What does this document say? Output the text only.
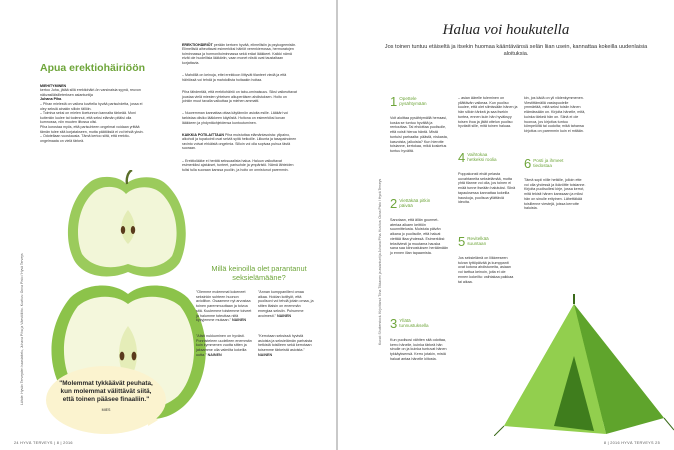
Apua erektiohäiriöön

MIEHITYMINEN
kertoo Juha, jätää sillä erektiohäiri-ön varsinaisia syynä, reuvon näkvasiläisilleterksen asiantuntija
Juhana Piha.

– Pihan mielestä on vaikea kuvitella hyvää parisuhdetta, jossa ei oley seksiä ainakin silloin tällöin.
– Toimiva seksi on mielen iloetunnon kannalta tärkeää. Moni kuitenkin luulee tai todennut, että seksi elämän pitäisi olla kumnossa, niin muuten iiitossa olisi.
Piha korostaa myös, että parisuhteen ongelmat voidaan yrittää tämän tulee sitä korjatakseen, mutta päätöksiä ei voi tehdä yksin.
– Odotellaan vuoskausia. Tämä kertoo siitä, että erektio-ongelmaata on vielä tärkeä.

EREKTIOHÄIRIÖT perään kertoen hyvää, elimellisiin ja psykogeenisiin. Elimellisiä aiheuttavat esimerkiksi häiriöt verenkierrossa, hermoratojen toiminnassa ja hormonitoiminnassa sekä eräat lääkkeet. Kaikki nämä eivät ole huolellisia lääkäriin, vaan monet niistä ovat taustaltaan korjattavia.

– Mahdillä on keinoja, ettei erektioon liittyvät tilanteet viedä ja että häiriössä voi tehdä ja mahdollista hoitaakin hoitaa.

Piha tähdentää, että erektiohäiriö on tabu-ominaisuus. Siksi vaikeuttavat joustaa vielä miesten yhteisen alkuperäisen ahdistuksen. Hoito on joinkin muut tavalla vaikuttaa ja miehen ammatti.

– Nuoremman kannattaa ottaa käytännön asioita esille. Lääkäri voi tarkistaa olisiko lääkkeen käytöstä. Hoitona on esimerkiksi kovan lääkkeen ja yhdyntäohjeidensa kuntoutuminen.

KAIKKIA POTILAITTAAN Piha muistuttaa elämäntavoista: ylipaino, alkoholi ja tupakointi ovat selviä syitä heikoille. Liikunta ja tasapainoinen ravinto voivat ehkäistä ongelmia. Silloin voi olla sopivaa puhua tästä suoraan.

– Erektiolääke ei herätä seksuaalista halua. Haluun vaikuttavat esimerkiksi ajatukset, tunteet, parisuhde ja ympäristö. Nämä lähteiden tulisi tulla suoraan kanssa puoliin, ja hoito on onnistunut paremmin.

Lähde: Hyvän Terveyden haastattelu, Juhana Piha ja Väestöliitto. Kuvitus: Oona Pisto / Hyvä Terveys	"Molemmat tykkäävät peuhata, kun molemmat välittävät siitä, että toinen pääsee finaaliin."
MIES
Millä keinoilla olet parantanut seksielämääne?
"Olemme molemmat kokeneet seksinkin suhteen huonon avioliiton. Osaamme nyt arvostaa toinen paremmuuttaan ja toivoa sitä. Kuulemme toistemme toiveet ja halumme toteuttaa niitä kykyjemme mukaan." NAINEN
"Annan kumppanilleni omaa aikaa. Hoidan kotityöt, että puolisoni voi tehdä jotain omaa, ja sitten iltaisin on enemmän energiaa seksiin. Puhumme avoimesti." NAINEN
"Alisti nukkuminen on hyvästi. Ponnisteleen uudelleen enemmän kuin kymmenen vuotta sitten ja jaksamme olla valmiita kokeilla uutta." NAINEN
"Kerrotaan seksissä hyvistä asioista ja seksielämän parhaista hetkistä toisilleen sekä kerrotaan toisemme tärkeistä asioista." NAINEN
24 HYVÄ TERVEYS | 8 | 2016
Halua voi houkutella
Jos toinen tuntuu etäiseltä ja itsekin huomaa kääntävänsä selän liian usein, kannattaa kokeilla uudenlaisia aloituksia.
Kuvat: Shutterstock. Kirjoittanut Tiina Tikkanen ja asiantuntija Juhana Piha. Kuvitus: Oona Pisto / Hyvä Terveys
1 Opettele pysähtymään
Voit aloittaa pysähtymällä herraasi, koska se tuntuu hyvältä ja rentouttaa. Tai ehdottaa puolisolle, että voisit hieroa häntä. Mistä tuntuisi parhaalta: päästä, niskasta, kasvoista, jalkoista? Kun hierotte toisianne, kertokaa, mikä kosketus tuntuu hyvältä.
2 Viettäkää pitkin päivää
Sanotaan, että ällän gourmet-ateriaa alkaen keittiön suunnittelusta. Muistuta päivän aikana jo puolisolle, että haluat viettää iltaa yhdessä. Esimerkiksi: tekstiviesti ja muutama hauska sana saa kiinnostuksen heräämään jo ennen illan tapaamista.
3 Yllätä tunnustuksella
Kun puolisosi vähiten sitä odottaa, kerro hänelle, kuinka tärkeä hän sinulle on ja kuinka tuntuvat hänen tykkäyksensä. Kerro jotakin, mistä haluat antaa hänelle kiitosta.
– asian äärelle tuleminen on yllättävän vaikeaa. Kun puoliso kuulee, että olet silmissään hänen ja hän silloin tärkeä ja saa itsekin tuntea, ennen kuin hän hyväksyy toisen ihoa ja jätät ottelun puoliso hyvästit sille, mitä toinen haluaa.
4 Vaihtokaa hetkeksi roolia
Poppakonsti eivät pelasta uuvahtaneita seksielämää, mutta yhtä tilanne voi olla, jos toinen ei enää tunne itseään halutuksi. Siinä tapauksessa kannattaa kokeilla hauskoja, puolisoa yllättäviä ideoita.
5 Revitelkää suuntaan
Jos seksielämä on liikkeeseen tulvan tyttöpäivää ja kumppanit ovat kotona ahdistuneita, asiaan voi tarttua keinoin, joita ei ole ennen kokeiltu: vaihtakaa paikkaa tai aikaa.
kin, jos kädä on yli viidenkymmenen. Viestittämällä vastapuolelle ymmärtää, mitä seksi toisiin hänen elämässään on. Kirjoita hänelle, mitä, kuinka tärkeä hän on. Siinä ei ole huonoa, jos kirjoitus tuntuu kömpelöltä tai oudolta; mikä tahansa kirjoitus on paremmin kuin ei mitään.
6 Posti ja ihmeet tiedostaa
Tämä sopii niille hetkille, jolloin ette voi olla yhdessä ja ikävöitte toisianne. Kirjoita puolisollesi kirje, jossa kerrot, mitä tekisit hänen kanssaan ja miksi hän on sinulle erityinen. Lähettäkää toisillenne viestejä, joissa kerrotte haluista.
8 | 2016 HYVÄ TERVEYS 25
